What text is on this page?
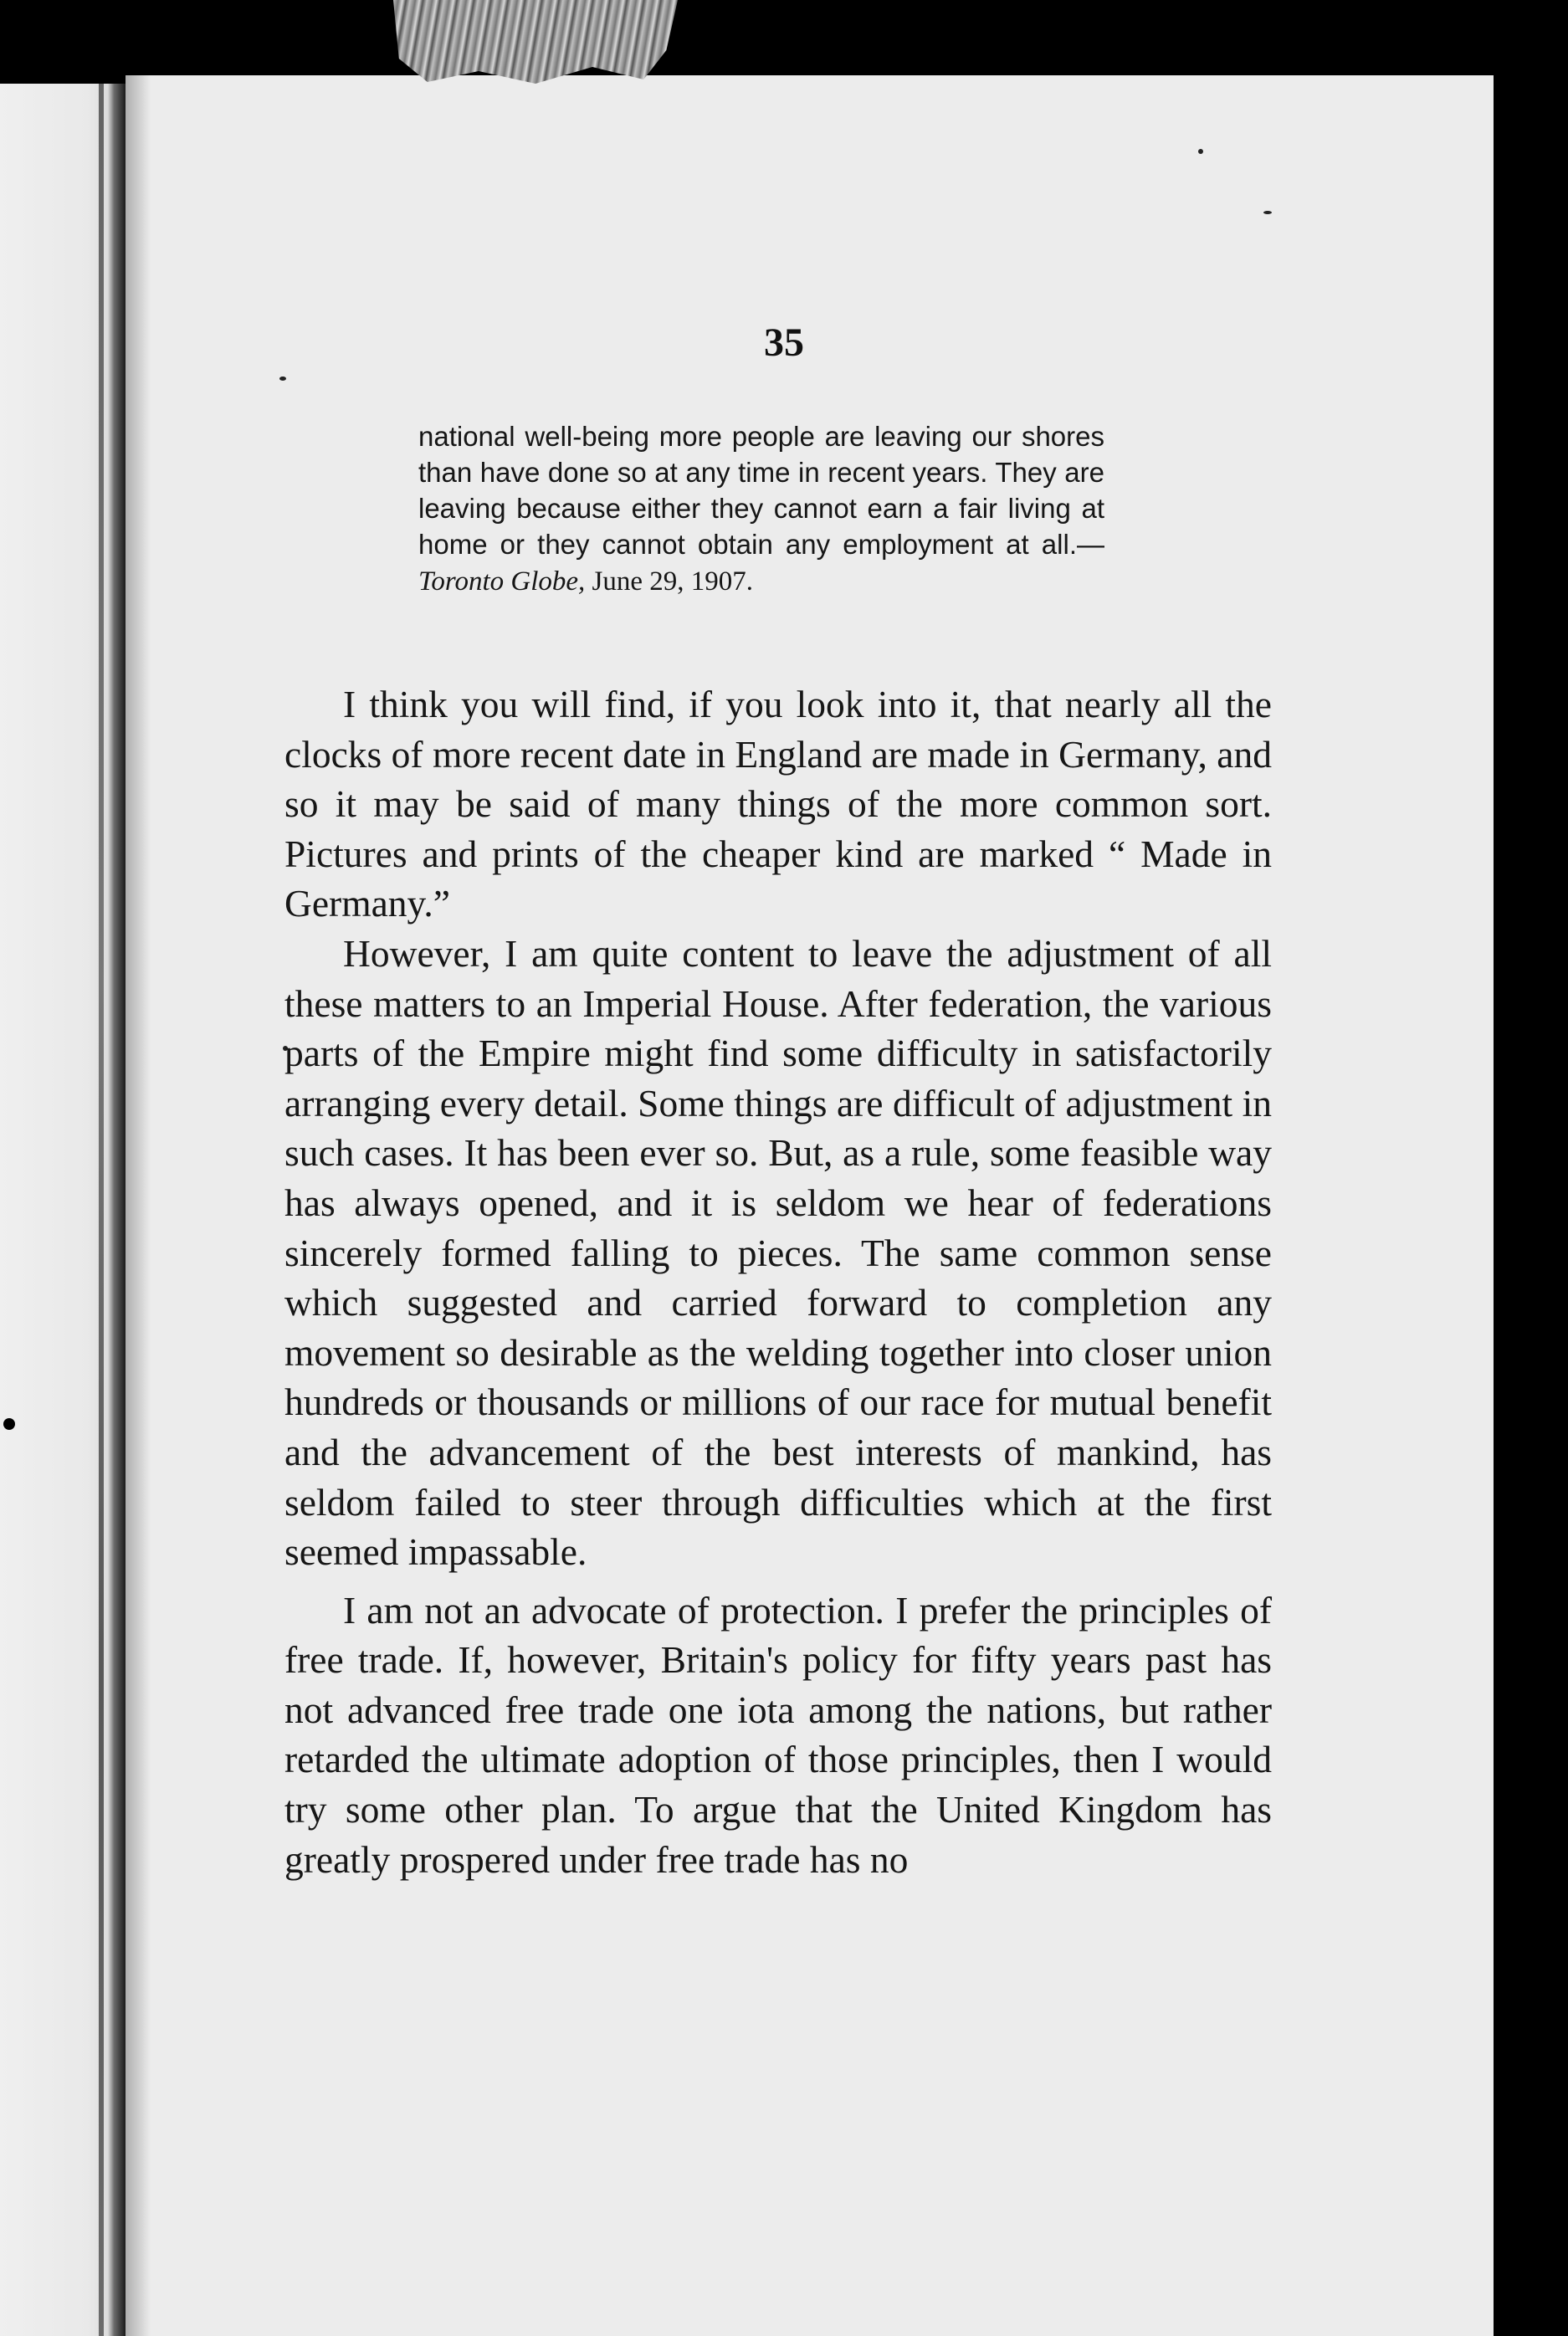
35
national well-being more people are leaving our shores than have done so at any time in recent years. They are leaving because either they cannot earn a fair living at home or they cannot obtain any employment at all.—Toronto Globe, June 29, 1907.

I think you will find, if you look into it, that nearly all the clocks of more recent date in England are made in Germany, and so it may be said of many things of the more common sort. Pictures and prints of the cheaper kind are marked “ Made in Germany.”

However, I am quite content to leave the adjustment of all these matters to an Imperial House. After federation, the various parts of the Empire might find some difficulty in satisfactorily arranging every detail. Some things are difficult of adjustment in such cases. It has been ever so. But, as a rule, some feasible way has always opened, and it is seldom we hear of federations sincerely formed falling to pieces. The same common sense which suggested and carried forward to completion any movement so desirable as the welding together into closer union hundreds or thousands or millions of our race for mutual benefit and the advancement of the best interests of mankind, has seldom failed to steer through difficulties which at the first seemed impassable.

I am not an advocate of protection. I prefer the principles of free trade. If, however, Britain's policy for fifty years past has not advanced free trade one iota among the nations, but rather retarded the ultimate adoption of those principles, then I would try some other plan. To argue that the United Kingdom has greatly prospered under free trade has no
